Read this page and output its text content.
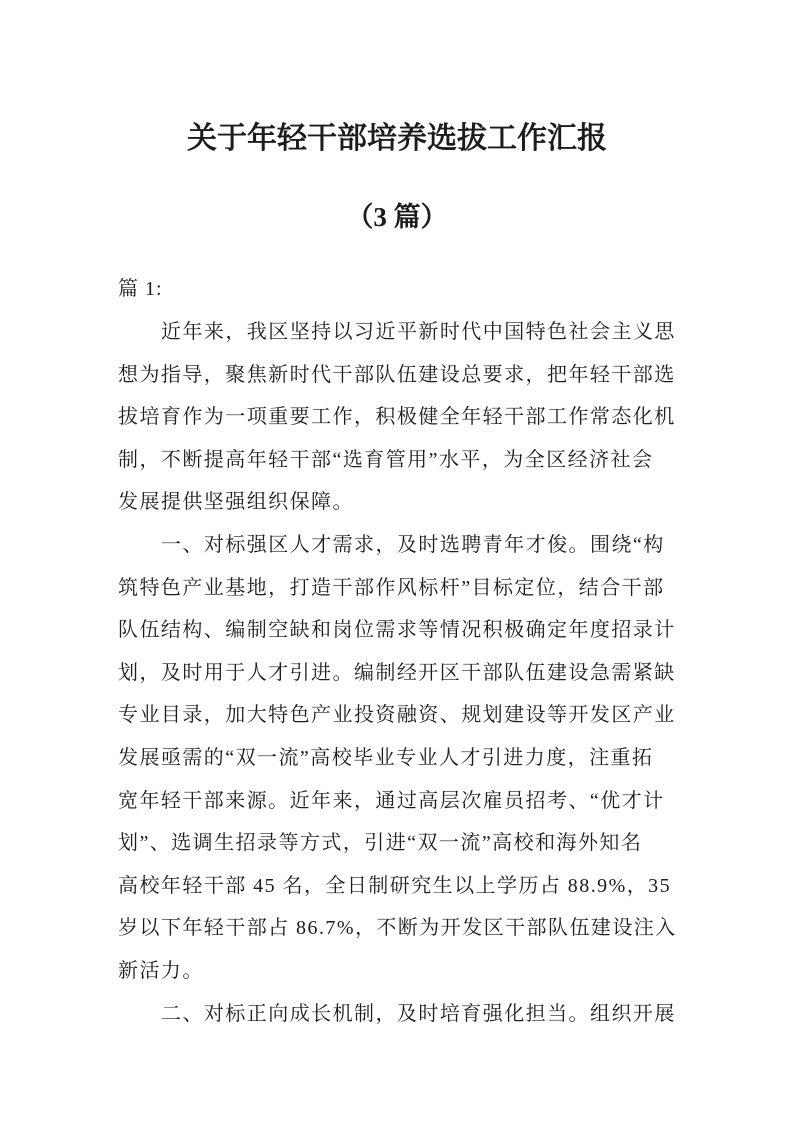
关于年轻干部培养选拔工作汇报
（3 篇）
篇 1:
近年来，我区坚持以习近平新时代中国特色社会主义思
想为指导，聚焦新时代干部队伍建设总要求，把年轻干部选
拔培育作为一项重要工作，积极健全年轻干部工作常态化机
制，不断提高年轻干部“选育管用”水平，为全区经济社会
发展提供坚强组织保障。
一、对标强区人才需求，及时选聘青年才俊。围绕“构
筑特色产业基地，打造干部作风标杆”目标定位，结合干部
队伍结构、编制空缺和岗位需求等情况积极确定年度招录计
划，及时用于人才引进。编制经开区干部队伍建设急需紧缺
专业目录，加大特色产业投资融资、规划建设等开发区产业
发展亟需的“双一流”高校毕业专业人才引进力度，注重拓
宽年轻干部来源。近年来，通过高层次雇员招考、“优才计
划”、选调生招录等方式，引进“双一流”高校和海外知名
高校年轻干部 45 名，全日制研究生以上学历占 88.9%，35
岁以下年轻干部占 86.7%，不断为开发区干部队伍建设注入
新活力。
二、对标正向成长机制，及时培育强化担当。组织开展
